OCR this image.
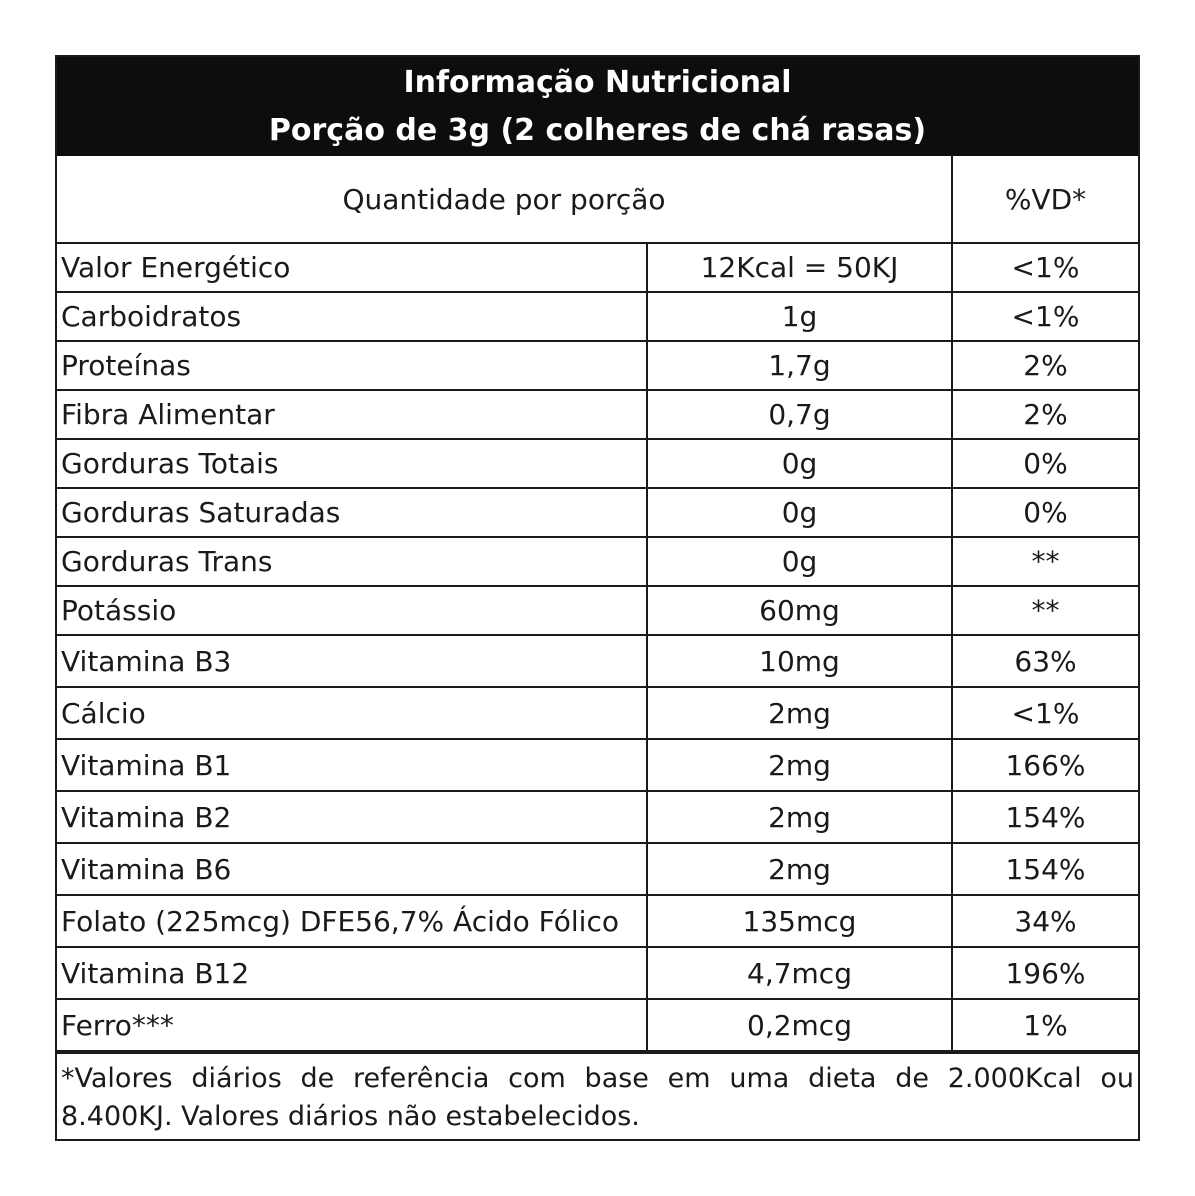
Informação Nutricional
Porção de 3g (2 colheres de chá rasas)
Quantidade por porção		%VD*
Valor Energético	12Kcal = 50KJ	<1%
Carboidratos	1g	<1%
Proteínas	1,7g	2%
Fibra Alimentar	0,7g	2%
Gorduras Totais	0g	0%
Gorduras Saturadas	0g	0%
Gorduras Trans	0g	**
Potássio	60mg	**
Vitamina B3	10mg	63%
Cálcio	2mg	<1%
Vitamina B1	2mg	166%
Vitamina B2	2mg	154%
Vitamina B6	2mg	154%
Folato (225mcg) DFE56,7% Ácido Fólico	135mcg	34%
Vitamina B12	4,7mcg	196%
Ferro***	0,2mcg	1%
*Valores diários de referência com base em uma dieta de 2.000Kcal ou 8.400KJ. Valores diários não estabelecidos.
